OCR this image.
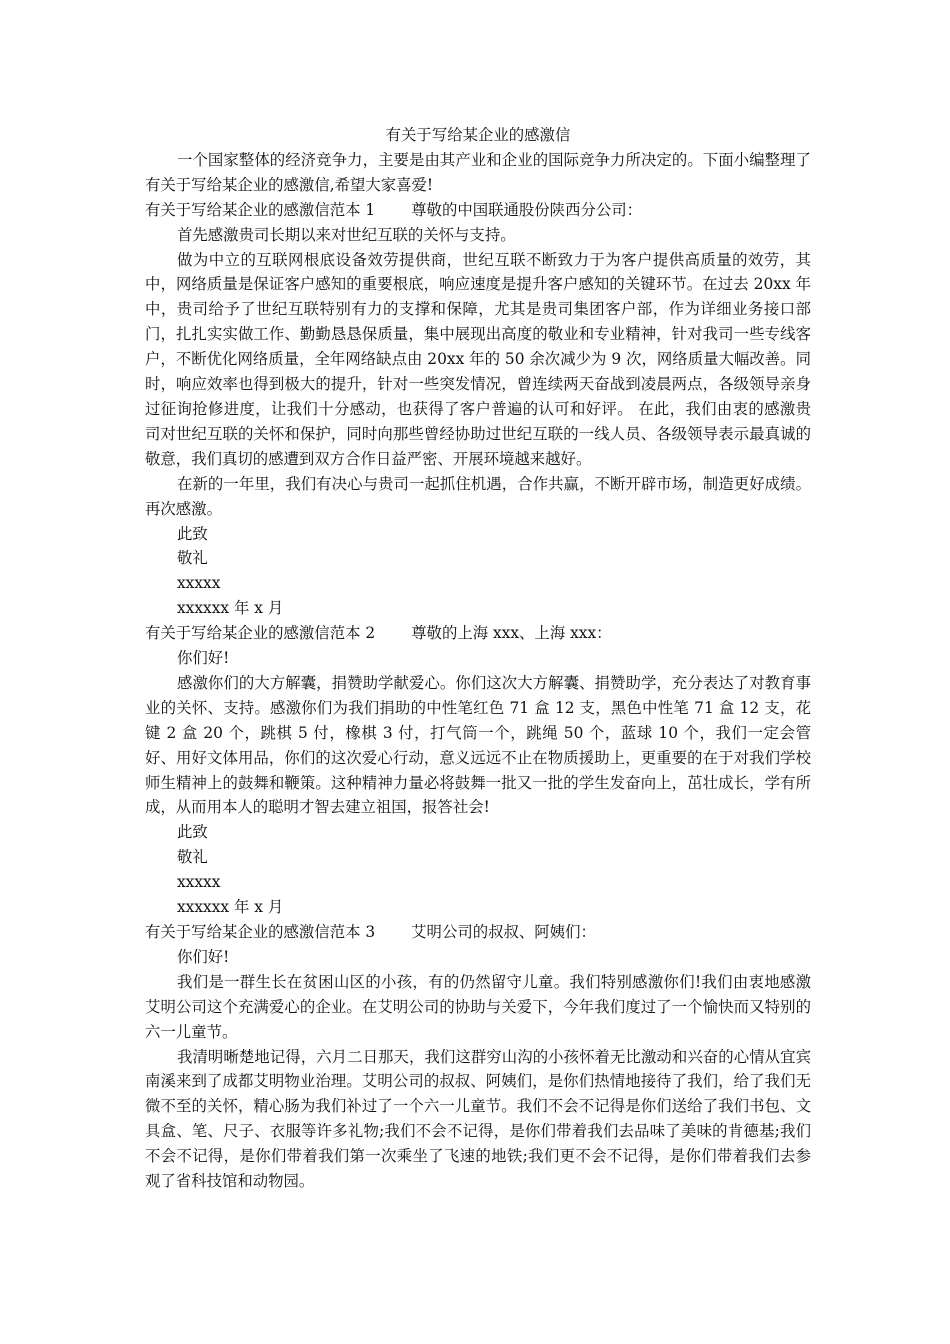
有关于写给某企业的感激信

一个国家整体的经济竞争力，主要是由其产业和企业的国际竞争力所决定的。下面小编整理了有关于写给某企业的感激信,希望大家喜爱!

有关于写给某企业的感激信范本 1 尊敬的中国联通股份陕西分公司：

首先感激贵司长期以来对世纪互联的关怀与支持。

做为中立的互联网根底设备效劳提供商，世纪互联不断致力于为客户提供高质量的效劳，其中，网络质量是保证客户感知的重要根底，响应速度是提升客户感知的关键环节。在过去 20xx 年中，贵司给予了世纪互联特别有力的支撑和保障，尤其是贵司集团客户部，作为详细业务接口部门，扎扎实实做工作、勤勤恳恳保质量，集中展现出高度的敬业和专业精神，针对我司一些专线客户，不断优化网络质量，全年网络缺点由 20xx 年的 50 余次减少为 9 次，网络质量大幅改善。同时，响应效率也得到极大的提升，针对一些突发情况，曾连续两天奋战到凌晨两点，各级领导亲身过征询抢修进度，让我们十分感动，也获得了客户普遍的认可和好评。 在此，我们由衷的感激贵司对世纪互联的关怀和保护，同时向那些曾经协助过世纪互联的一线人员、各级领导表示最真诚的敬意，我们真切的感遭到双方合作日益严密、开展环境越来越好。

在新的一年里，我们有决心与贵司一起抓住机遇，合作共赢，不断开辟市场，制造更好成绩。 再次感激。

此致

敬礼

xxxxx

xxxxxx 年 x 月

有关于写给某企业的感激信范本 2 尊敬的上海 xxx、上海 xxx：

你们好!

感激你们的大方解囊，捐赞助学献爱心。你们这次大方解囊、捐赞助学，充分表达了对教育事业的关怀、支持。感激你们为我们捐助的中性笔红色 71 盒 12 支，黑色中性笔 71 盒 12 支，花键 2 盒 20 个，跳棋 5 付，橡棋 3 付，打气筒一个，跳绳 50 个，蓝球 10 个，我们一定会管好、用好文体用品，你们的这次爱心行动，意义远远不止在物质援助上，更重要的在于对我们学校师生精神上的鼓舞和鞭策。这种精神力量必将鼓舞一批又一批的学生发奋向上，茁壮成长，学有所成，从而用本人的聪明才智去建立祖国，报答社会!

此致

敬礼

xxxxx

xxxxxx 年 x 月

有关于写给某企业的感激信范本 3 艾明公司的叔叔、阿姨们：

你们好!

我们是一群生长在贫困山区的小孩，有的仍然留守儿童。我们特别感激你们!我们由衷地感激艾明公司这个充满爱心的企业。在艾明公司的协助与关爱下，今年我们度过了一个愉快而又特别的六一儿童节。

我清明晰楚地记得，六月二日那天，我们这群穷山沟的小孩怀着无比激动和兴奋的心情从宜宾南溪来到了成都艾明物业治理。艾明公司的叔叔、阿姨们，是你们热情地接待了我们，给了我们无微不至的关怀，精心肠为我们补过了一个六一儿童节。我们不会不记得是你们送给了我们书包、文具盒、笔、尺子、衣服等许多礼物;我们不会不记得，是你们带着我们去品味了美味的肯德基;我们不会不记得，是你们带着我们第一次乘坐了飞速的地铁;我们更不会不记得，是你们带着我们去参观了省科技馆和动物园。
